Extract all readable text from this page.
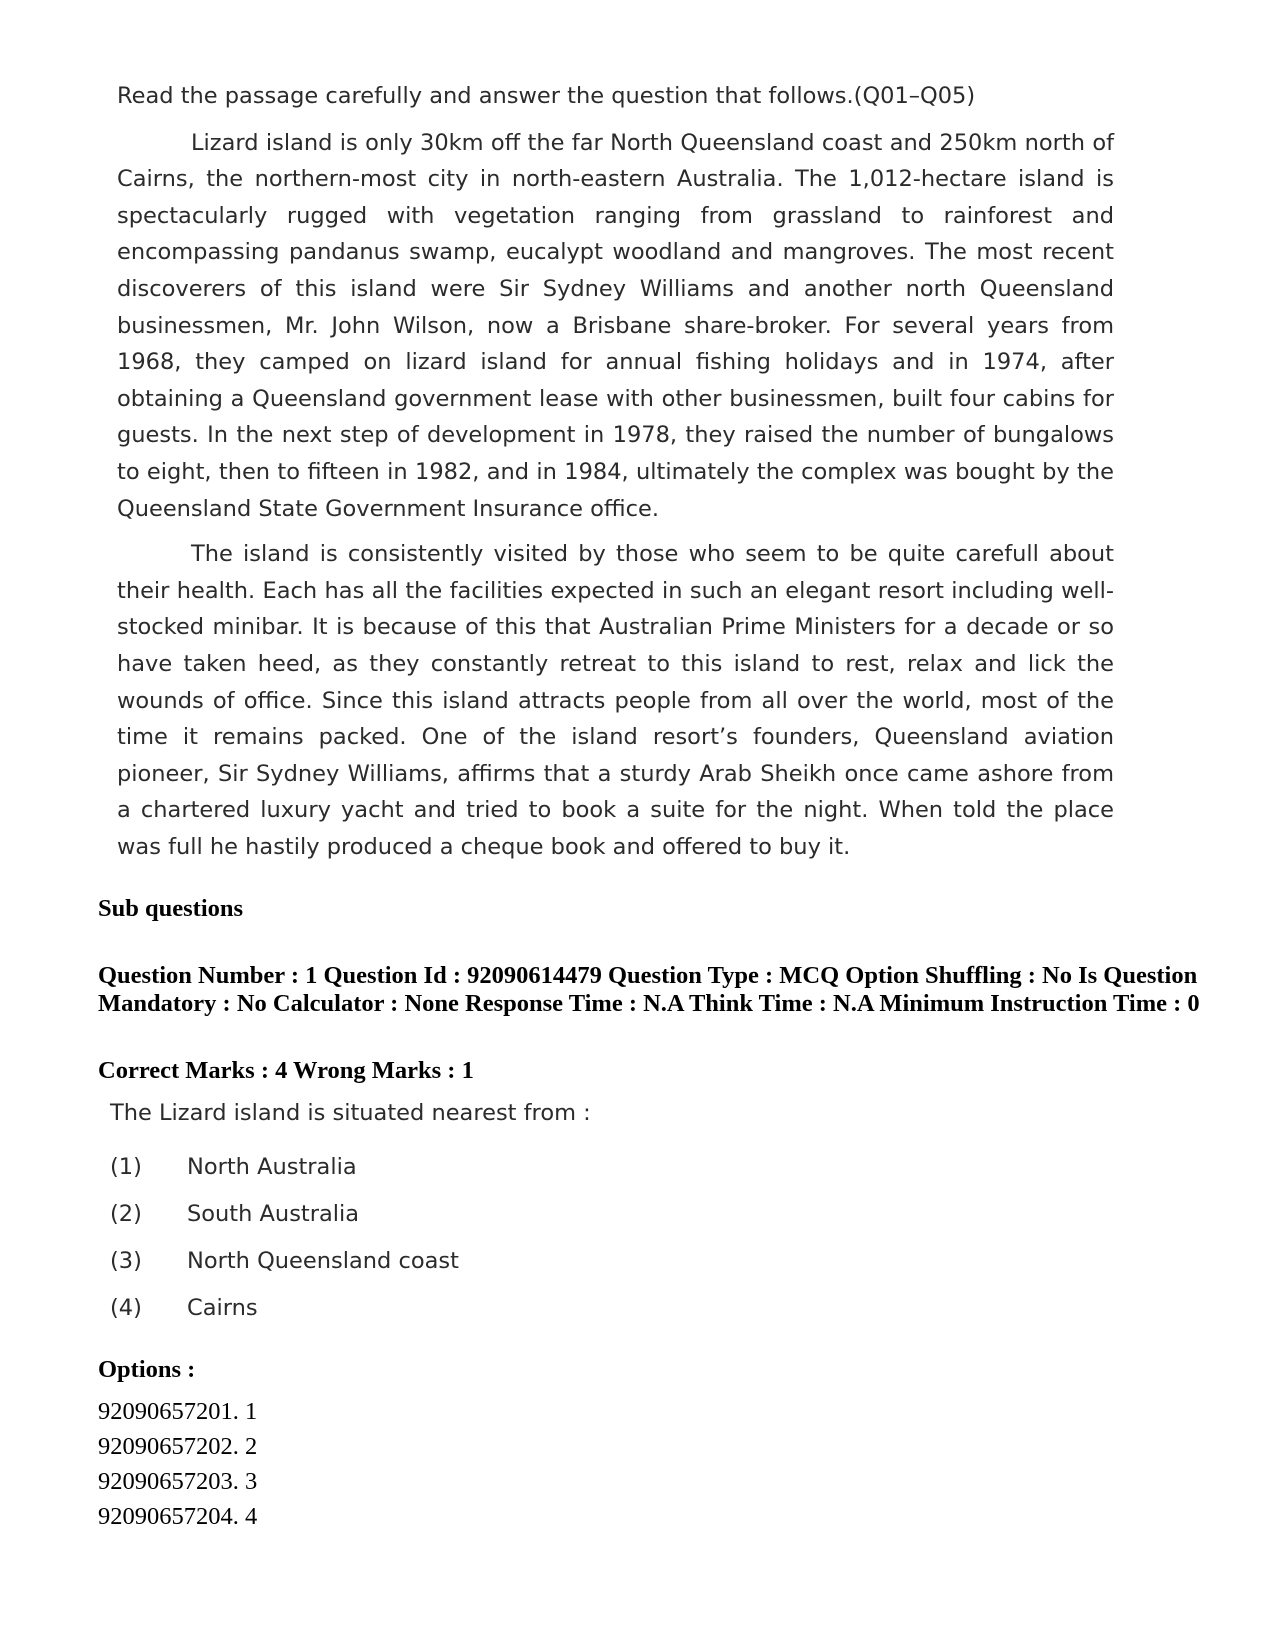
Read the passage carefully and answer the question that follows.(Q01–Q05)

Lizard island is only 30km off the far North Queensland coast and 250km north of Cairns, the northern-most city in north-eastern Australia. The 1,012-hectare island is spectacularly rugged with vegetation ranging from grassland to rainforest and encompassing pandanus swamp, eucalypt woodland and mangroves. The most recent discoverers of this island were Sir Sydney Williams and another north Queensland businessmen, Mr. John Wilson, now a Brisbane share-broker. For several years from 1968, they camped on lizard island for annual fishing holidays and in 1974, after obtaining a Queensland government lease with other businessmen, built four cabins for guests. In the next step of development in 1978, they raised the number of bungalows to eight, then to fifteen in 1982, and in 1984, ultimately the complex was bought by the Queensland State Government Insurance office.

The island is consistently visited by those who seem to be quite carefull about their health. Each has all the facilities expected in such an elegant resort including well-stocked minibar. It is because of this that Australian Prime Ministers for a decade or so have taken heed, as they constantly retreat to this island to rest, relax and lick the wounds of office. Since this island attracts people from all over the world, most of the time it remains packed. One of the island resort’s founders, Queensland aviation pioneer, Sir Sydney Williams, affirms that a sturdy Arab Sheikh once came ashore from a chartered luxury yacht and tried to book a suite for the night. When told the place was full he hastily produced a cheque book and offered to buy it.

Sub questions
Question Number : 1 Question Id : 92090614479 Question Type : MCQ Option Shuffling : No Is Question Mandatory : No Calculator : None Response Time : N.A Think Time : N.A Minimum Instruction Time : 0
Correct Marks : 4 Wrong Marks : 1
The Lizard island is situated nearest from :
(1)	North Australia
(2)	South Australia
(3)	North Queensland coast
(4)	Cairns
Options :
92090657201. 1
92090657202. 2
92090657203. 3
92090657204. 4
